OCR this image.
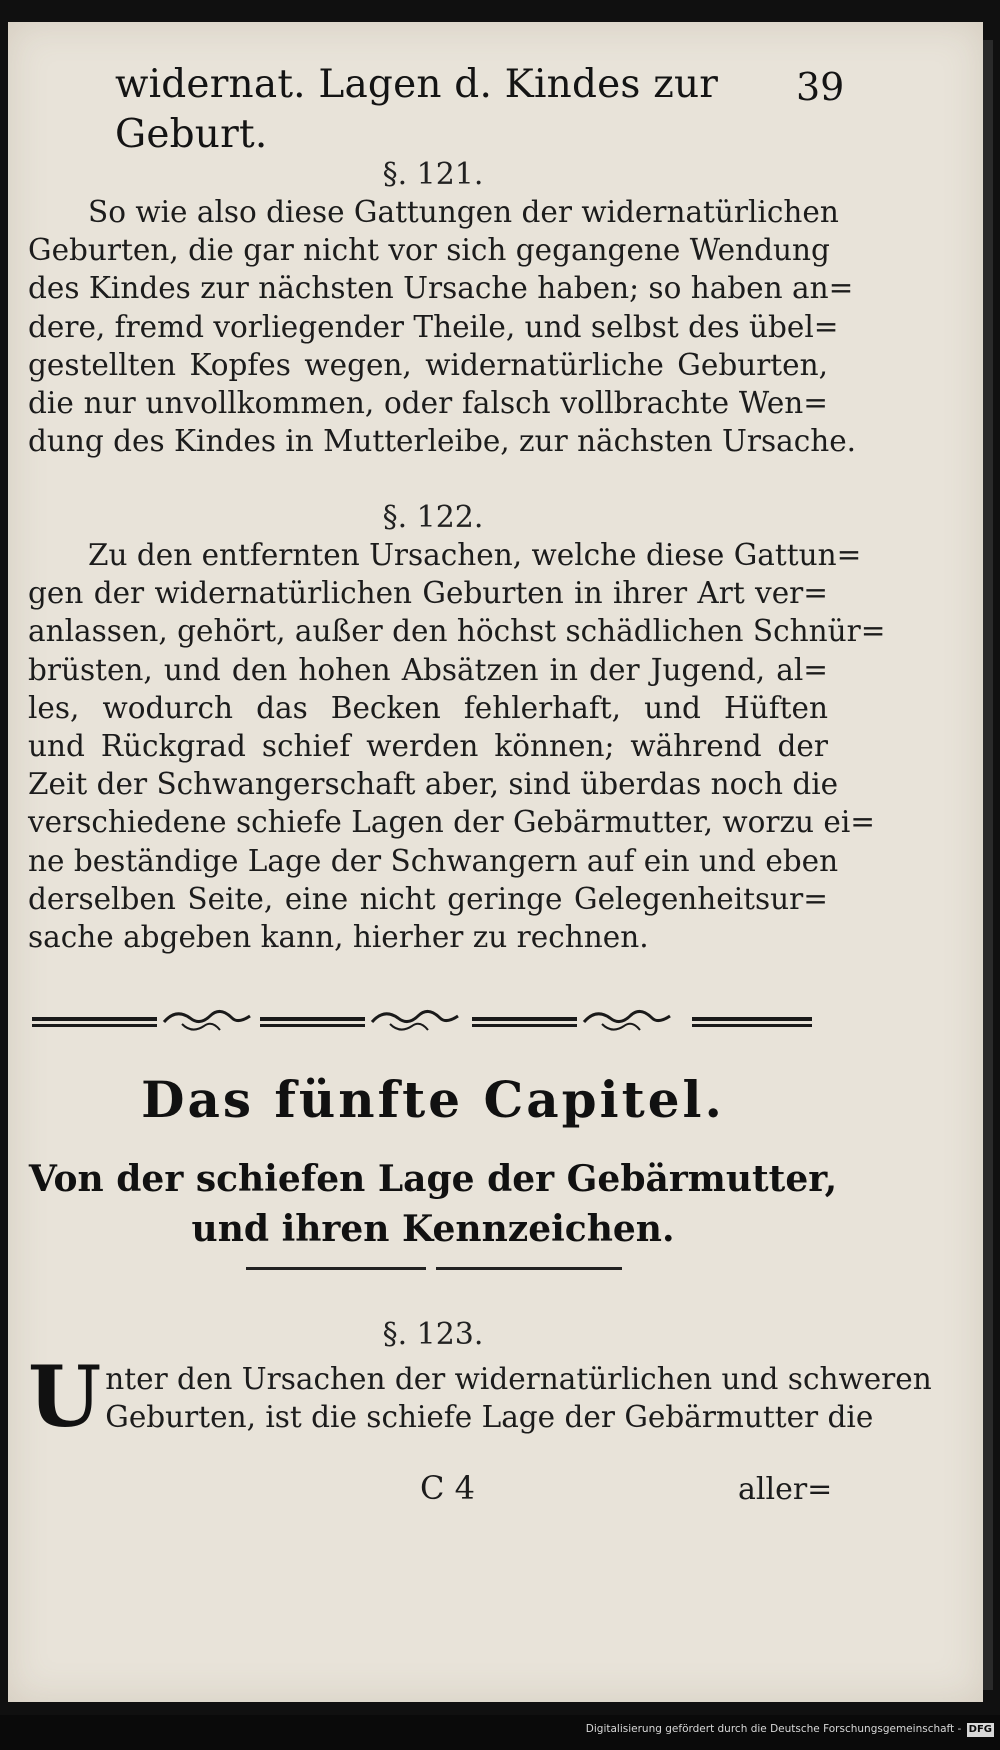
widernat. Lagen d. Kindes zur Geburt.
39
§. 121.
So wie also diese Gattungen der widernatürlichen
Geburten, die gar nicht vor sich gegangene Wendung
des Kindes zur nächsten Ursache haben; so haben an=
dere, fremd vorliegender Theile, und selbst des übel=
gestellten Kopfes wegen, widernatürliche Geburten,
die nur unvollkommen, oder falsch vollbrachte Wen=
dung des Kindes in Mutterleibe, zur nächsten Ursache.
§. 122.
Zu den entfernten Ursachen, welche diese Gattun=
gen der widernatürlichen Geburten in ihrer Art ver=
anlassen, gehört, außer den höchst schädlichen Schnür=
brüsten, und den hohen Absätzen in der Jugend, al=
les, wodurch das Becken fehlerhaft, und Hüften
und Rückgrad schief werden können; während der
Zeit der Schwangerschaft aber, sind überdas noch die
verschiedene schiefe Lagen der Gebärmutter, worzu ei=
ne beständige Lage der Schwangern auf ein und eben
derselben Seite, eine nicht geringe Gelegenheitsur=
sache abgeben kann, hierher zu rechnen.
Das fünfte Capitel.
Von der schiefen Lage der Gebärmutter,
und ihren Kennzeichen.
§. 123.
U nter den Ursachen der widernatürlichen und schweren
Geburten, ist die schiefe Lage der Gebärmutter die
C 4	aller=
Digitalisierung gefördert durch die Deutsche Forschungsgemeinschaft - DFG
